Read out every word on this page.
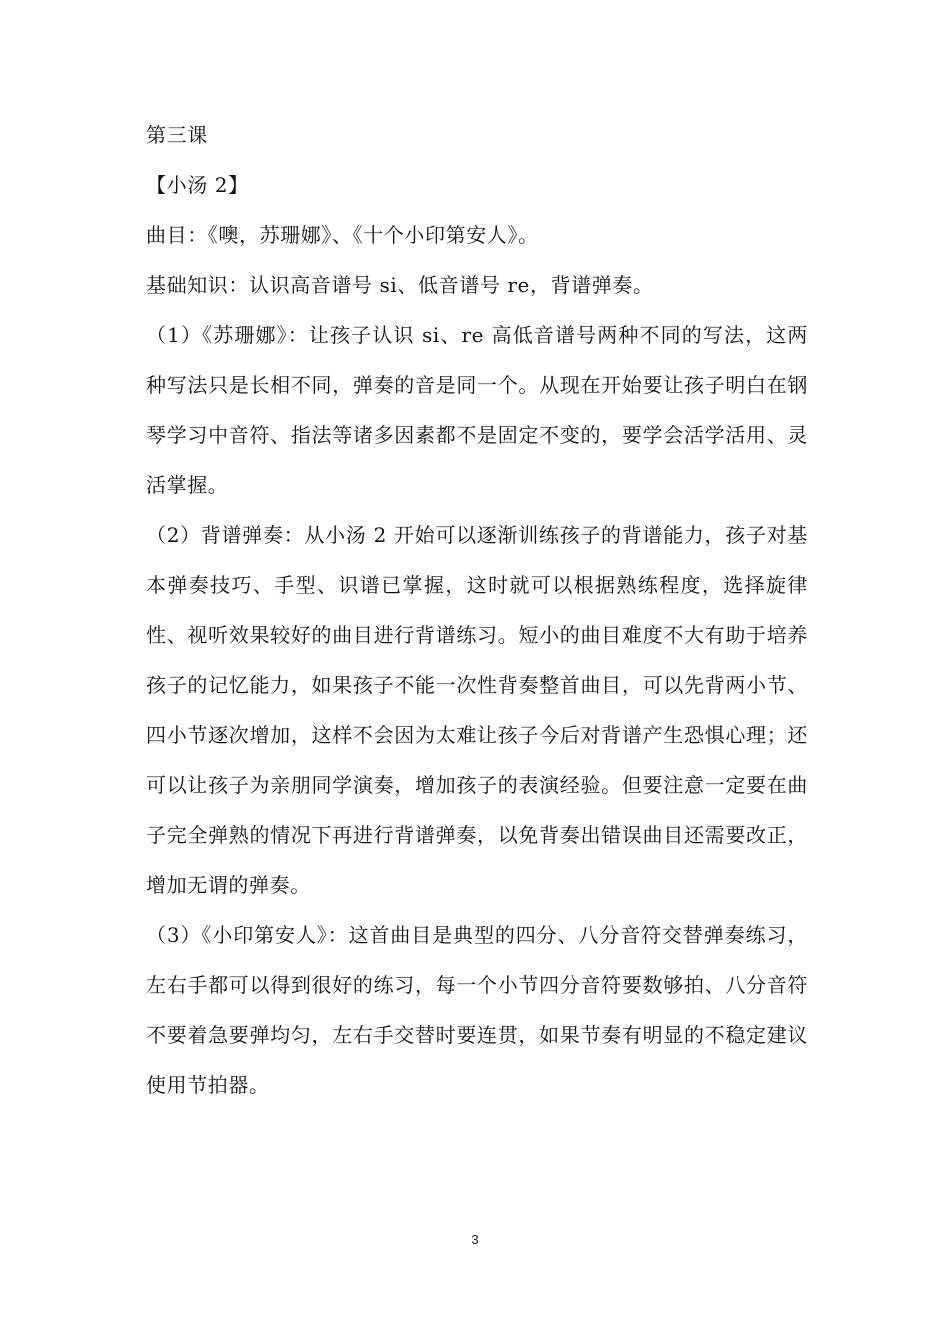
第三课
【小汤 2】
曲目：《噢，苏珊娜》、《十个小印第安人》。
基础知识：认识高音谱号 si、低音谱号 re，背谱弹奏。

（1）《苏珊娜》：让孩子认识 si、re 高低音谱号两种不同的写法，这两种写法只是长相不同，弹奏的音是同一个。从现在开始要让孩子明白在钢琴学习中音符、指法等诸多因素都不是固定不变的，要学会活学活用、灵活掌握。

（2）背谱弹奏：从小汤 2 开始可以逐渐训练孩子的背谱能力，孩子对基本弹奏技巧、手型、识谱已掌握，这时就可以根据熟练程度，选择旋律性、视听效果较好的曲目进行背谱练习。短小的曲目难度不大有助于培养孩子的记忆能力，如果孩子不能一次性背奏整首曲目，可以先背两小节、四小节逐次增加，这样不会因为太难让孩子今后对背谱产生恐惧心理；还可以让孩子为亲朋同学演奏，增加孩子的表演经验。但要注意一定要在曲子完全弹熟的情况下再进行背谱弹奏，以免背奏出错误曲目还需要改正，增加无谓的弹奏。

（3）《小印第安人》：这首曲目是典型的四分、八分音符交替弹奏练习，左右手都可以得到很好的练习，每一个小节四分音符要数够拍、八分音符不要着急要弹均匀，左右手交替时要连贯，如果节奏有明显的不稳定建议使用节拍器。

3
